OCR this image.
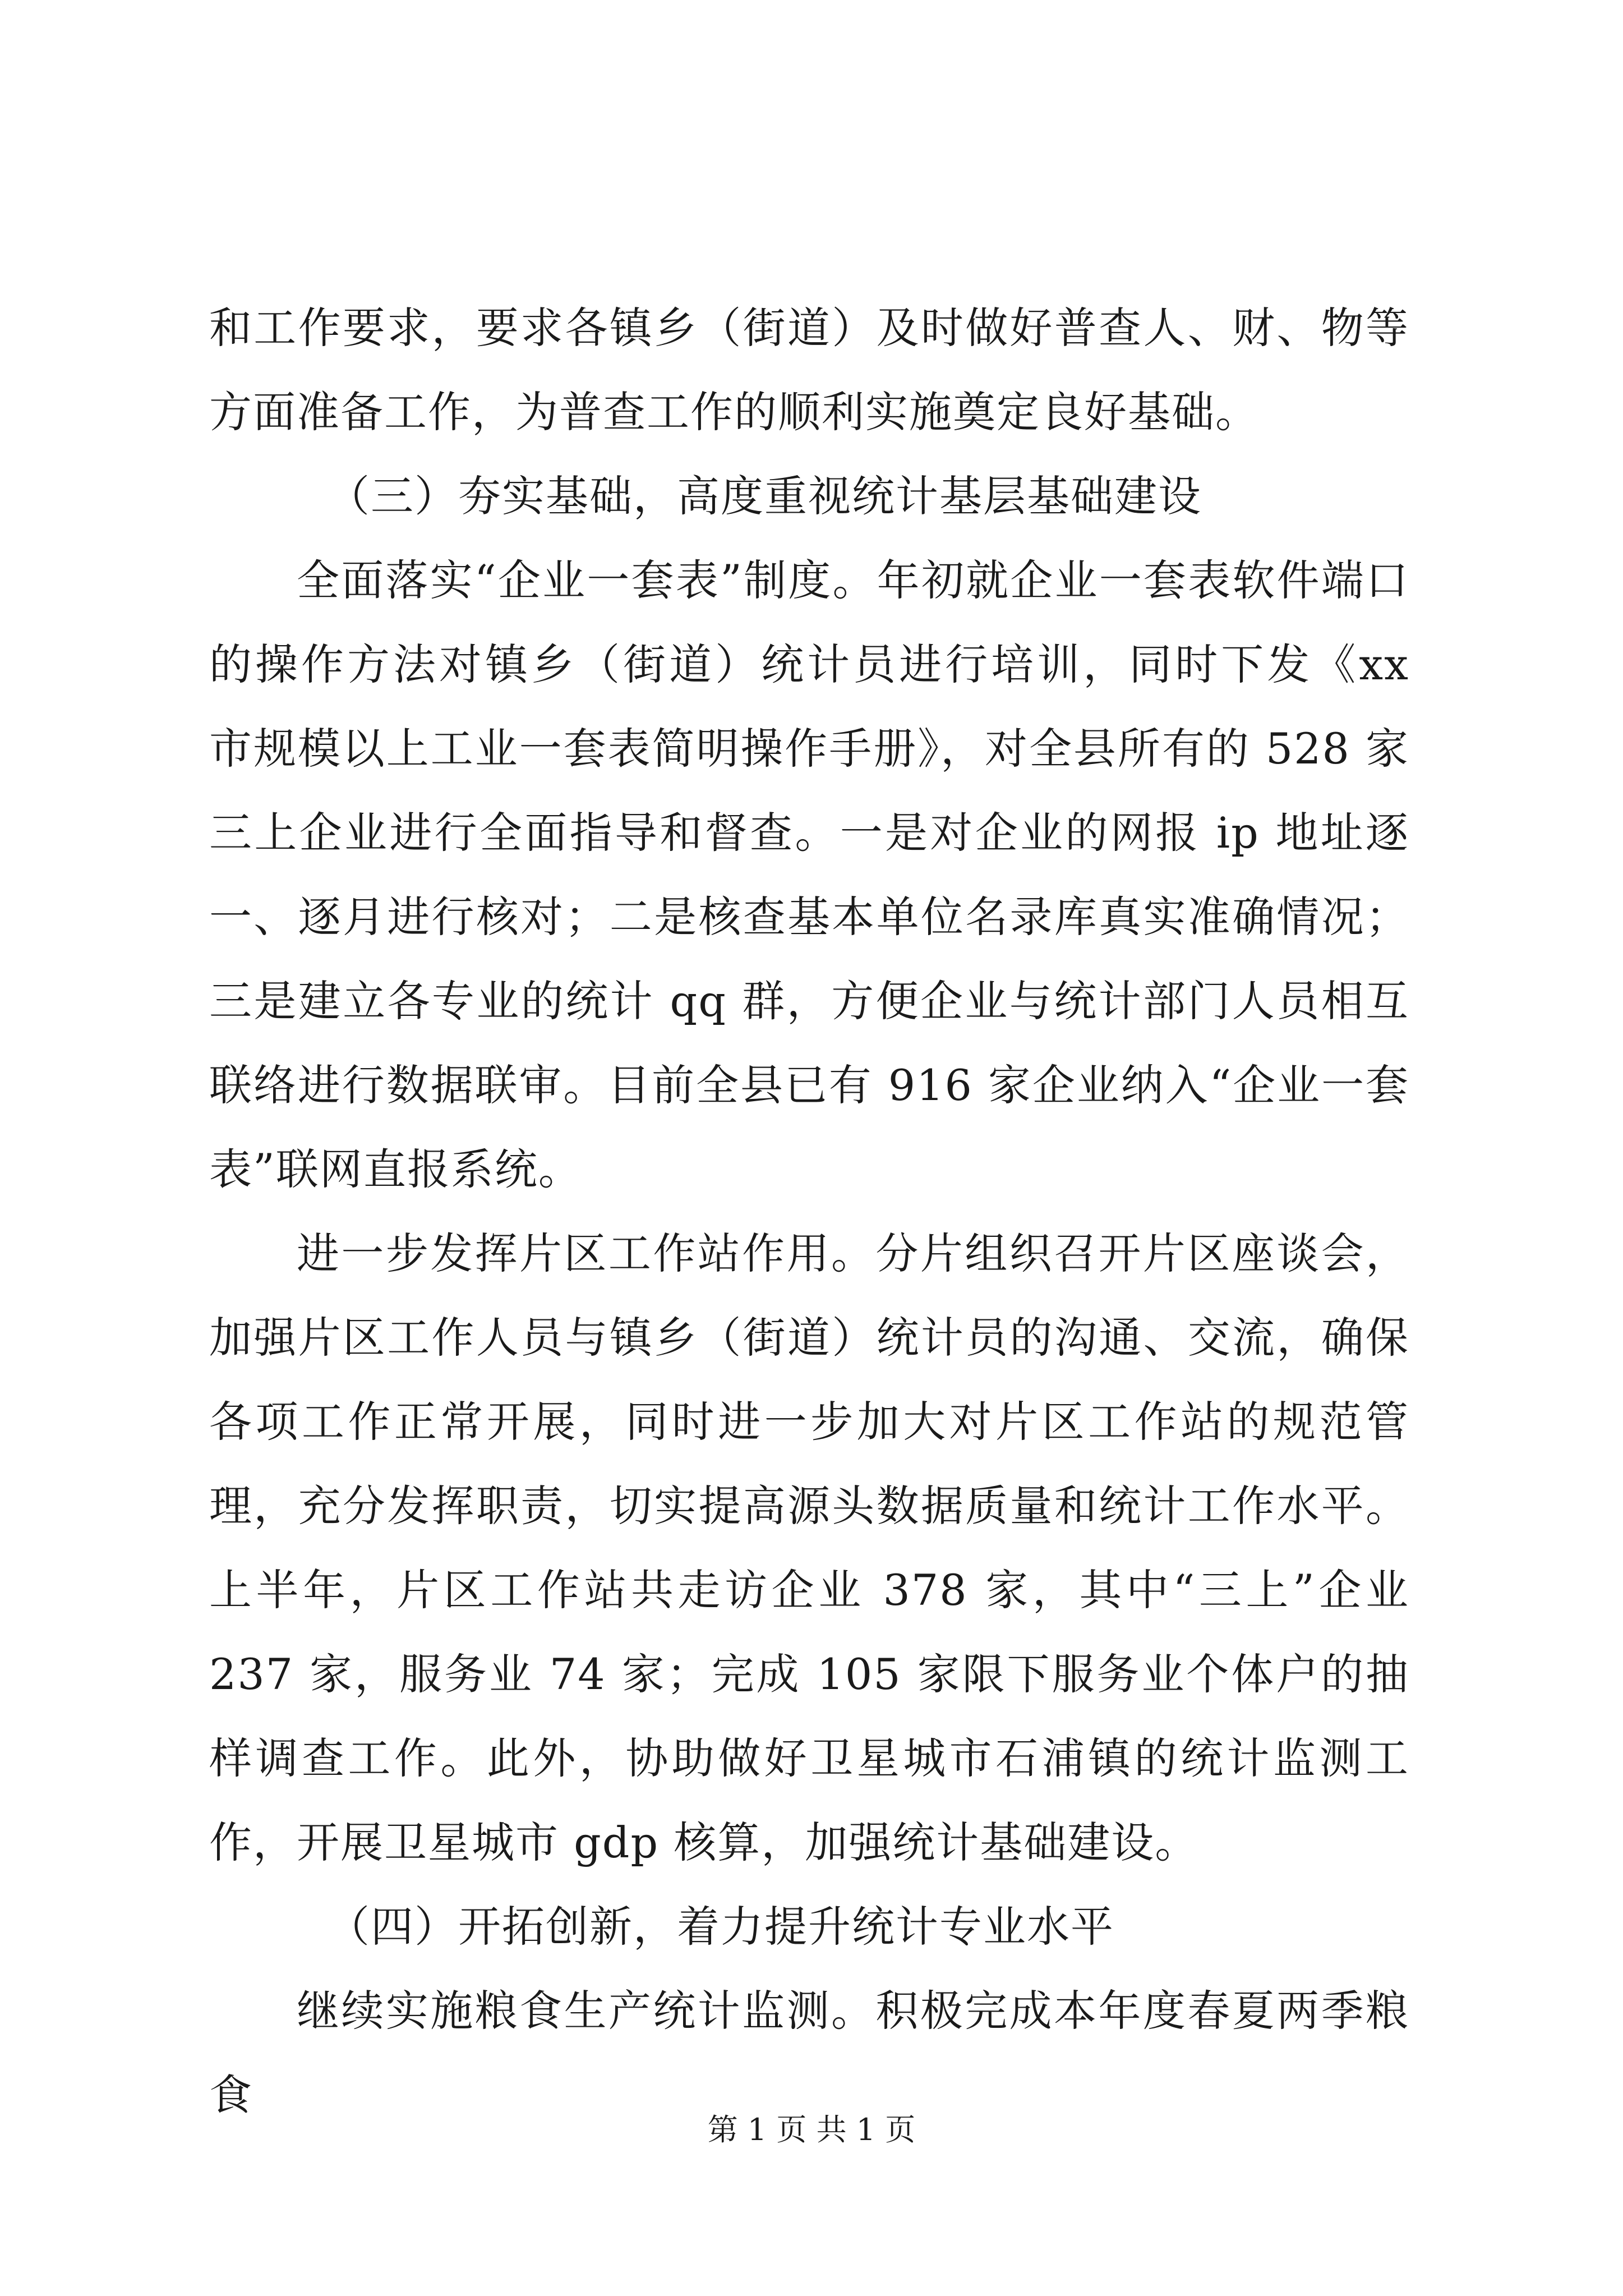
和工作要求，要求各镇乡（街道）及时做好普查人、财、物等方面准备工作，为普查工作的顺利实施奠定良好基础。

（三）夯实基础，高度重视统计基层基础建设

全面落实“企业一套表”制度。年初就企业一套表软件端口的操作方法对镇乡（街道）统计员进行培训，同时下发《xx 市规模以上工业一套表简明操作手册》，对全县所有的 528 家三上企业进行全面指导和督查。一是对企业的网报 ip 地址逐一、逐月进行核对；二是核查基本单位名录库真实准确情况；三是建立各专业的统计 qq 群，方便企业与统计部门人员相互联络进行数据联审。目前全县已有 916 家企业纳入“企业一套表”联网直报系统。

进一步发挥片区工作站作用。分片组织召开片区座谈会，加强片区工作人员与镇乡（街道）统计员的沟通、交流，确保各项工作正常开展，同时进一步加大对片区工作站的规范管理，充分发挥职责，切实提高源头数据质量和统计工作水平。上半年，片区工作站共走访企业 378 家，其中“三上”企业 237 家，服务业 74 家；完成 105 家限下服务业个体户的抽样调查工作。此外，协助做好卫星城市石浦镇的统计监测工作，开展卫星城市 gdp 核算，加强统计基础建设。

（四）开拓创新，着力提升统计专业水平

继续实施粮食生产统计监测。积极完成本年度春夏两季粮食

第 1 页 共 1 页
